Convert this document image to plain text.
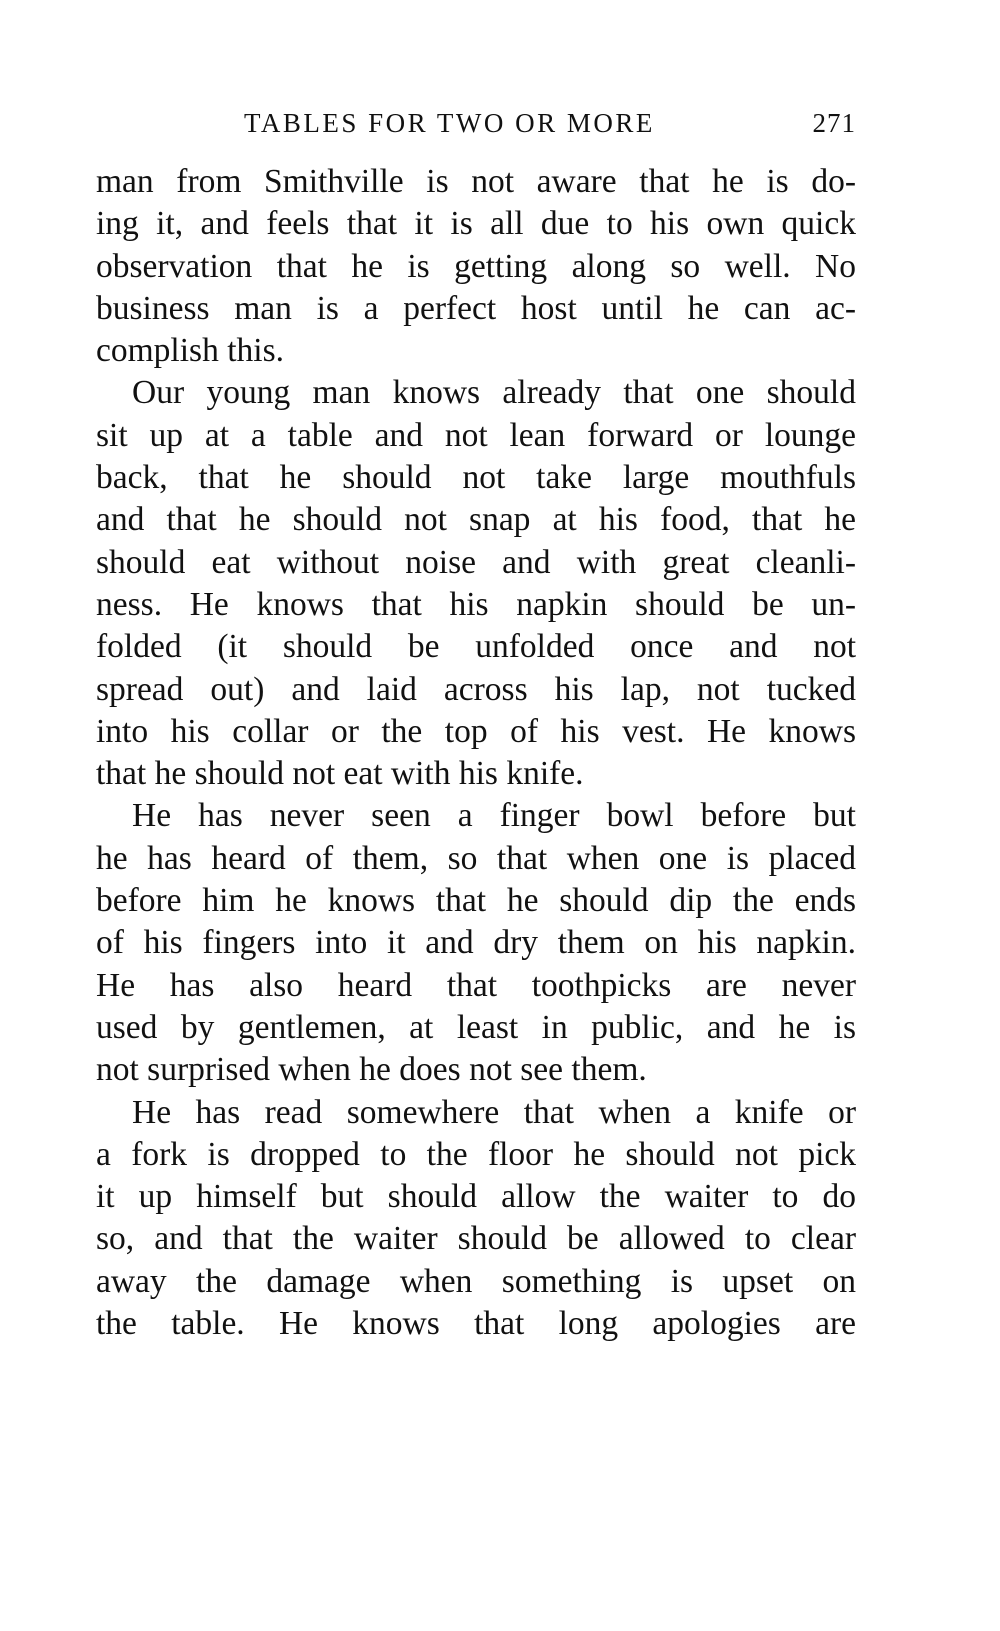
TABLES FOR TWO OR MORE	271
man from Smithville is not aware that he is do-
ing it, and feels that it is all due to his own quick
observation that he is getting along so well. No
business man is a perfect host until he can ac-
complish this.
Our young man knows already that one should
sit up at a table and not lean forward or lounge
back, that he should not take large mouthfuls
and that he should not snap at his food, that he
should eat without noise and with great cleanli-
ness. He knows that his napkin should be un-
folded (it should be unfolded once and not
spread out) and laid across his lap, not tucked
into his collar or the top of his vest. He knows
that he should not eat with his knife.
He has never seen a finger bowl before but
he has heard of them, so that when one is placed
before him he knows that he should dip the ends
of his fingers into it and dry them on his napkin.
He has also heard that toothpicks are never
used by gentlemen, at least in public, and he is
not surprised when he does not see them.
He has read somewhere that when a knife or
a fork is dropped to the floor he should not pick
it up himself but should allow the waiter to do
so, and that the waiter should be allowed to clear
away the damage when something is upset on
the table. He knows that long apologies are
